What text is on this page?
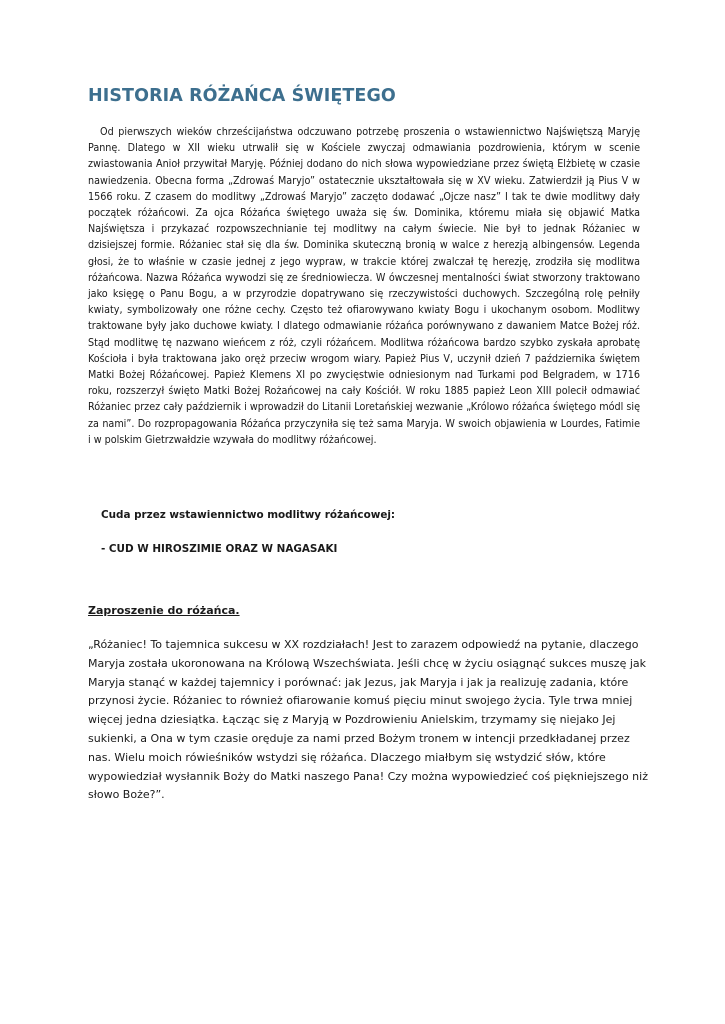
HISTORIA RÓŻAŃCA ŚWIĘTEGO

Od pierwszych wieków chrześcijaństwa odczuwano potrzebę proszenia o wstawiennictwo Najświętszą Maryję Pannę. Dlatego w XII wieku utrwalił się w Kościele zwyczaj odmawiania pozdrowienia, którym w scenie zwiastowania Anioł przywitał Maryję. Później dodano do nich słowa wypowiedziane przez świętą Elżbietę w czasie nawiedzenia. Obecna forma „Zdrowaś Maryjo” ostatecznie ukształtowała się w XV wieku. Zatwierdził ją Pius V w 1566 roku. Z czasem do modlitwy „Zdrowaś Maryjo” zaczęto dodawać „Ojcze nasz” I tak te dwie modlitwy dały początek różańcowi. Za ojca Różańca świętego uważa się św. Dominika, któremu miała się objawić Matka Najświętsza i przykazać rozpowszechnianie tej modlitwy na całym świecie. Nie był to jednak Różaniec w dzisiejszej formie. Różaniec stał się dla św. Dominika skuteczną bronią w walce z herezją albingensów. Legenda głosi, że to właśnie w czasie jednej z jego wypraw, w trakcie której zwalczał tę herezję, zrodziła się modlitwa różańcowa. Nazwa Różańca wywodzi się ze średniowiecza. W ówczesnej mentalności świat stworzony traktowano jako księgę o Panu Bogu, a w przyrodzie dopatrywano się rzeczywistości duchowych. Szczególną rolę pełniły kwiaty, symbolizowały one różne cechy. Często też ofiarowywano kwiaty Bogu i ukochanym osobom. Modlitwy traktowane były jako duchowe kwiaty. I dlatego odmawianie różańca porównywano z dawaniem Matce Bożej róż. Stąd modlitwę tę nazwano wieńcem z róż, czyli różańcem. Modlitwa różańcowa bardzo szybko zyskała aprobatę Kościoła i była traktowana jako oręż przeciw wrogom wiary. Papież Pius V, uczynił dzień 7 października świętem Matki Bożej Różańcowej. Papież Klemens XI po zwycięstwie odniesionym nad Turkami pod Belgradem, w 1716 roku, rozszerzył święto Matki Bożej Rożańcowej na cały Kościół. W roku 1885 papież Leon XIII polecił odmawiać Różaniec przez cały październik i wprowadził do Litanii Loretańskiej wezwanie „Królowo różańca świętego módl się za nami”. Do rozpropagowania Różańca przyczyniła się też sama Maryja. W swoich objawienia w Lourdes, Fatimie i w polskim Gietrzwałdzie wzywała do modlitwy różańcowej.

Cuda przez wstawiennictwo modlitwy różańcowej:

- CUD W HIROSZIMIE ORAZ W NAGASAKI

Zaproszenie do różańca.

„Różaniec! To tajemnica sukcesu w XX rozdziałach! Jest to zarazem odpowiedź na pytanie, dlaczego Maryja została ukoronowana na Królową Wszechświata. Jeśli chcę w życiu osiągnąć sukces muszę jak Maryja stanąć w każdej tajemnicy i porównać: jak Jezus, jak Maryja i jak ja realizuję zadania, które przynosi życie. Różaniec to również ofiarowanie komuś pięciu minut swojego życia. Tyle trwa mniej więcej jedna dziesiątka. Łącząc się z Maryją w Pozdrowieniu Anielskim, trzymamy się niejako Jej sukienki, a Ona w tym czasie oręduje za nami przed Bożym tronem w intencji przedkładanej przez nas. Wielu moich rówieśników wstydzi się różańca. Dlaczego miałbym się wstydzić słów, które wypowiedział wysłannik Boży do Matki naszego Pana! Czy można wypowiedzieć coś piękniejszego niż słowo Boże?”.
